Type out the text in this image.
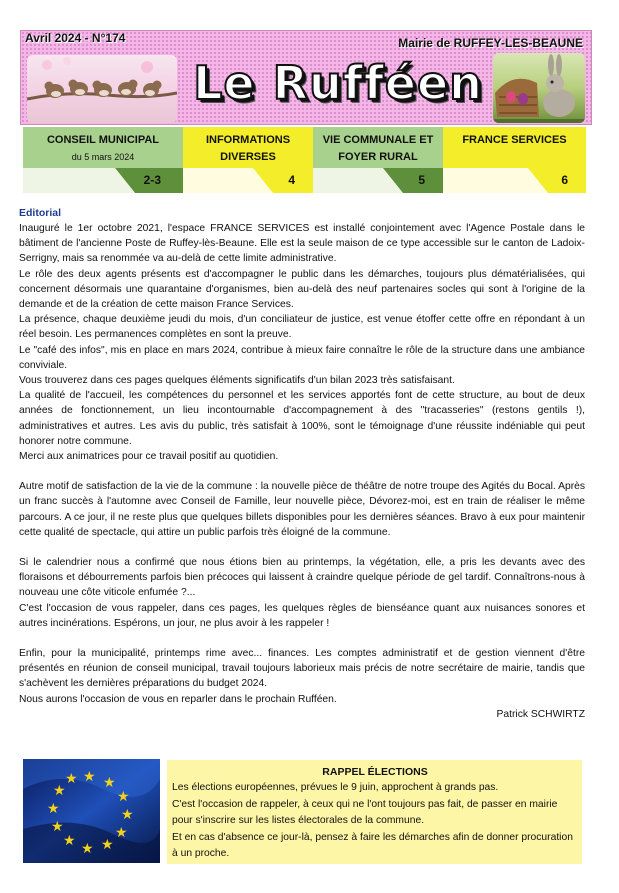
Avril 2024 - N°174	Mairie de RUFFEY-LES-BEAUNE
Le Rufféen
CONSEIL MUNICIPAL
du 5 mars 2024
2-3
INFORMATIONS DIVERSES
4
VIE COMMUNALE ET FOYER RURAL
5
FRANCE SERVICES
6
Editorial

Inauguré le 1er octobre 2021, l'espace FRANCE SERVICES est installé conjointement avec l'Agence Postale dans le bâtiment de l'ancienne Poste de Ruffey-lès-Beaune. Elle est la seule maison de ce type accessible sur le canton de Ladoix-Serrigny, mais sa renommée va au-delà de cette limite administrative.

Le rôle des deux agents présents est d'accompagner le public dans les démarches, toujours plus dématérialisées, qui concernent désormais une quarantaine d'organismes, bien au-delà des neuf partenaires socles qui sont à l'origine de la demande et de la création de cette maison France Services.

La présence, chaque deuxième jeudi du mois, d'un conciliateur de justice, est venue étoffer cette offre en répondant à un réel besoin. Les permanences complètes en sont la preuve.

Le "café des infos", mis en place en mars 2024, contribue à mieux faire connaître le rôle de la structure dans une ambiance conviviale.

Vous trouverez dans ces pages quelques éléments significatifs d'un bilan 2023 très satisfaisant.

La qualité de l'accueil, les compétences du personnel et les services apportés font de cette structure, au bout de deux années de fonctionnement, un lieu incontournable d'accompagnement à des "tracasseries" (restons gentils !), administratives et autres. Les avis du public, très satisfait à 100%, sont le témoignage d'une réussite indéniable qui peut honorer notre commune.

Merci aux animatrices pour ce travail positif au quotidien.

Autre motif de satisfaction de la vie de la commune : la nouvelle pièce de théâtre de notre troupe des Agités du Bocal. Après un franc succès à l'automne avec Conseil de Famille, leur nouvelle pièce, Dévorez-moi, est en train de réaliser le même parcours. A ce jour, il ne reste plus que quelques billets disponibles pour les dernières séances. Bravo à eux pour maintenir cette qualité de spectacle, qui attire un public parfois très éloigné de la commune.

Si le calendrier nous a confirmé que nous étions bien au printemps, la végétation, elle, a pris les devants avec des floraisons et débourrements parfois bien précoces qui laissent à craindre quelque période de gel tardif. Connaîtrons-nous à nouveau une côte viticole enfumée ?...

C'est l'occasion de vous rappeler, dans ces pages, les quelques règles de bienséance quant aux nuisances sonores et autres incinérations. Espérons, un jour, ne plus avoir à les rappeler !

Enfin, pour la municipalité, printemps rime avec... finances. Les comptes administratif et de gestion viennent d'être présentés en réunion de conseil municipal, travail toujours laborieux mais précis de notre secrétaire de mairie, tandis que s'achèvent les dernières préparations du budget 2024.

Nous aurons l'occasion de vous en reparler dans le prochain Rufféen.

Patrick SCHWIRTZ

★ ★
★
★
★
★
★
★
★
★
★
★	RAPPEL ÉLECTIONS
Les élections européennes, prévues le 9 juin, approchent à grands pas.
C'est l'occasion de rappeler, à ceux qui ne l'ont toujours pas fait, de passer en mairie pour s'inscrire sur les listes électorales de la commune.
Et en cas d'absence ce jour-là, pensez à faire les démarches afin de donner procuration à un proche.
